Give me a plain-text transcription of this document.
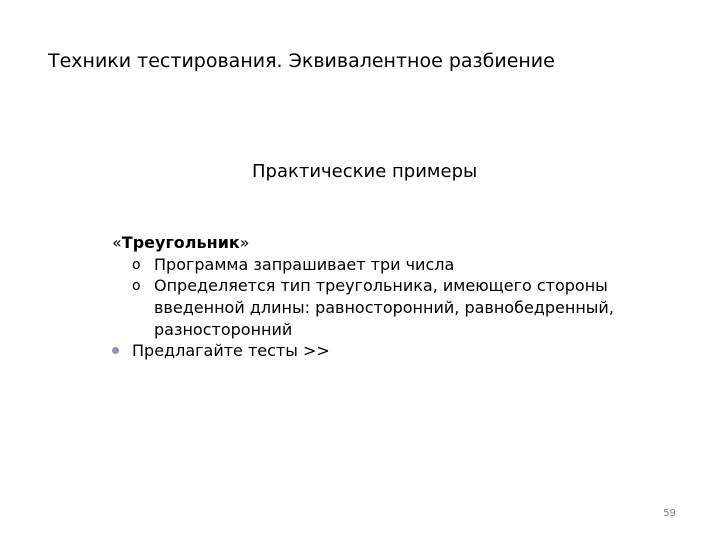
Техники тестирования. Эквивалентное разбиение
Практические примеры

«Треугольник»

o Программа запрашивает три числа
o Определяется тип треугольника, имеющего стороны введенной длины: равносторонний, равнобедренный, разносторонний
Предлагайте тесты >>
59
